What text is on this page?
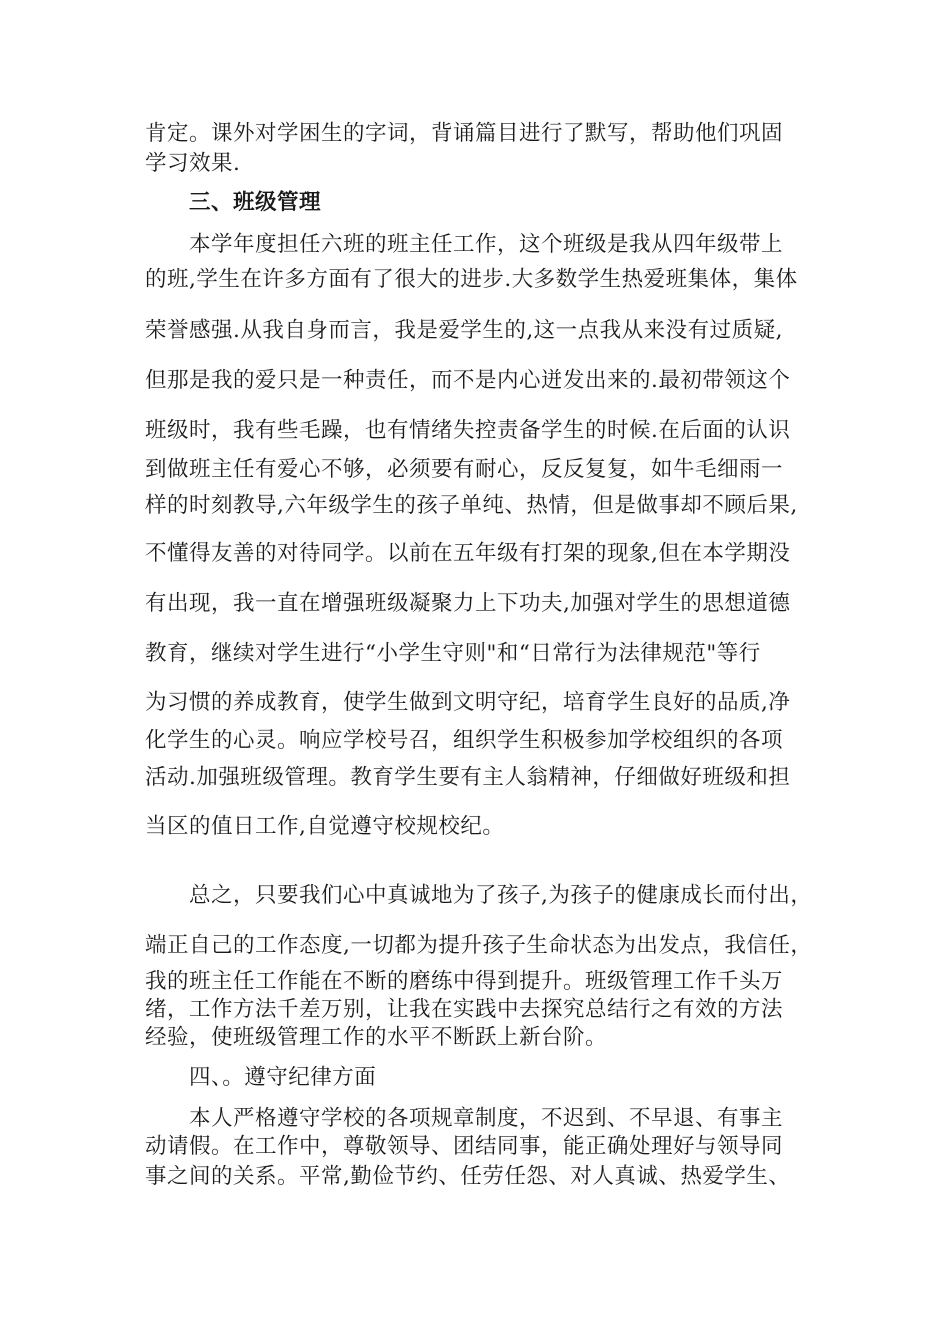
肯定。课外对学困生的字词，背诵篇目进行了默写，帮助他们巩固
学习效果.
三、班级管理
本学年度担任六班的班主任工作，这个班级是我从四年级带上
的班,学生在许多方面有了很大的进步.大多数学生热爱班集体，集体
荣誉感强.从我自身而言，我是爱学生的,这一点我从来没有过质疑,
但那是我的爱只是一种责任，而不是内心迸发出来的.最初带领这个
班级时，我有些毛躁，也有情绪失控责备学生的时候.在后面的认识
到做班主任有爱心不够，必须要有耐心，反反复复，如牛毛细雨一
样的时刻教导,六年级学生的孩子单纯、热情，但是做事却不顾后果,
不懂得友善的对待同学。以前在五年级有打架的现象,但在本学期没
有出现，我一直在增强班级凝聚力上下功夫,加强对学生的思想道德
教育，继续对学生进行“小学生守则"和“日常行为法律规范"等行
为习惯的养成教育，使学生做到文明守纪，培育学生良好的品质,净
化学生的心灵。响应学校号召，组织学生积极参加学校组织的各项
活动.加强班级管理。教育学生要有主人翁精神，仔细做好班级和担
当区的值日工作,自觉遵守校规校纪。
总之，只要我们心中真诚地为了孩子,为孩子的健康成长而付出，
端正自己的工作态度,一切都为提升孩子生命状态为出发点，我信任，
我的班主任工作能在不断的磨练中得到提升。班级管理工作千头万
绪，工作方法千差万别，让我在实践中去探究总结行之有效的方法
经验，使班级管理工作的水平不断跃上新台阶。
四、。遵守纪律方面
本人严格遵守学校的各项规章制度，不迟到、不早退、有事主
动请假。在工作中，尊敬领导、团结同事，能正确处理好与领导同
事之间的关系。平常,勤俭节约、任劳任怨、对人真诚、热爱学生、
